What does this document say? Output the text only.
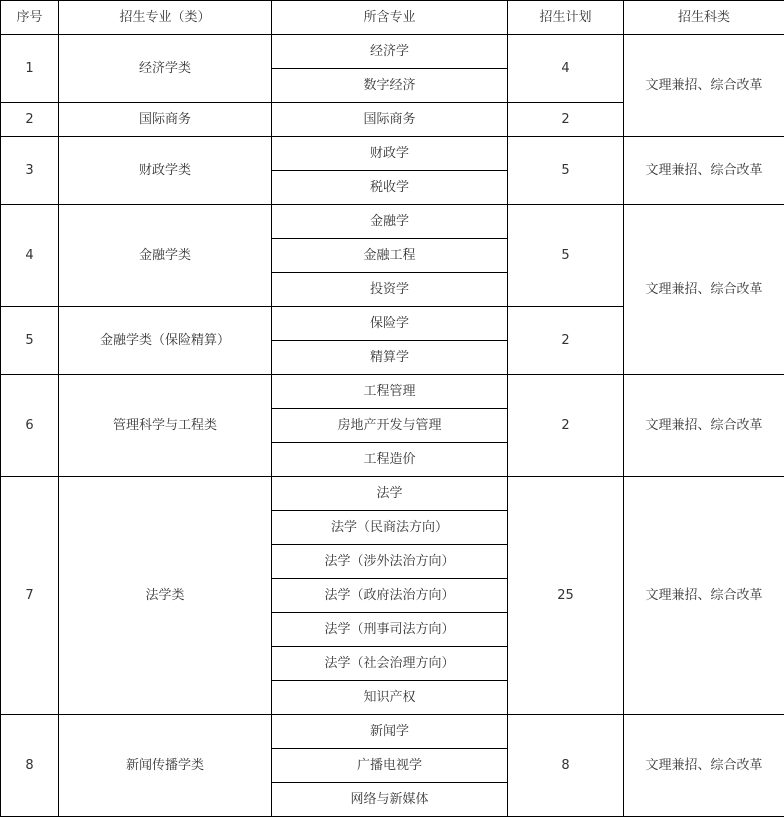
序号	招生专业（类）	所含专业	招生计划	招生科类
1	经济学类	经济学	4	文理兼招、综合改革
		数字经济		
2	国际商务	国际商务	2	
3	财政学类	财政学	5	文理兼招、综合改革
		税收学		
4	金融学类	金融学	5	文理兼招、综合改革
		金融工程		
		投资学		
5	金融学类（保险精算）	保险学	2	
		精算学		
6	管理科学与工程类	工程管理	2	文理兼招、综合改革
		房地产开发与管理		
		工程造价		
7	法学类	法学	25	文理兼招、综合改革
		法学（民商法方向）		
		法学（涉外法治方向）		
		法学（政府法治方向）		
		法学（刑事司法方向）		
		法学（社会治理方向）		
		知识产权		
8	新闻传播学类	新闻学	8	文理兼招、综合改革
		广播电视学		
		网络与新媒体		
